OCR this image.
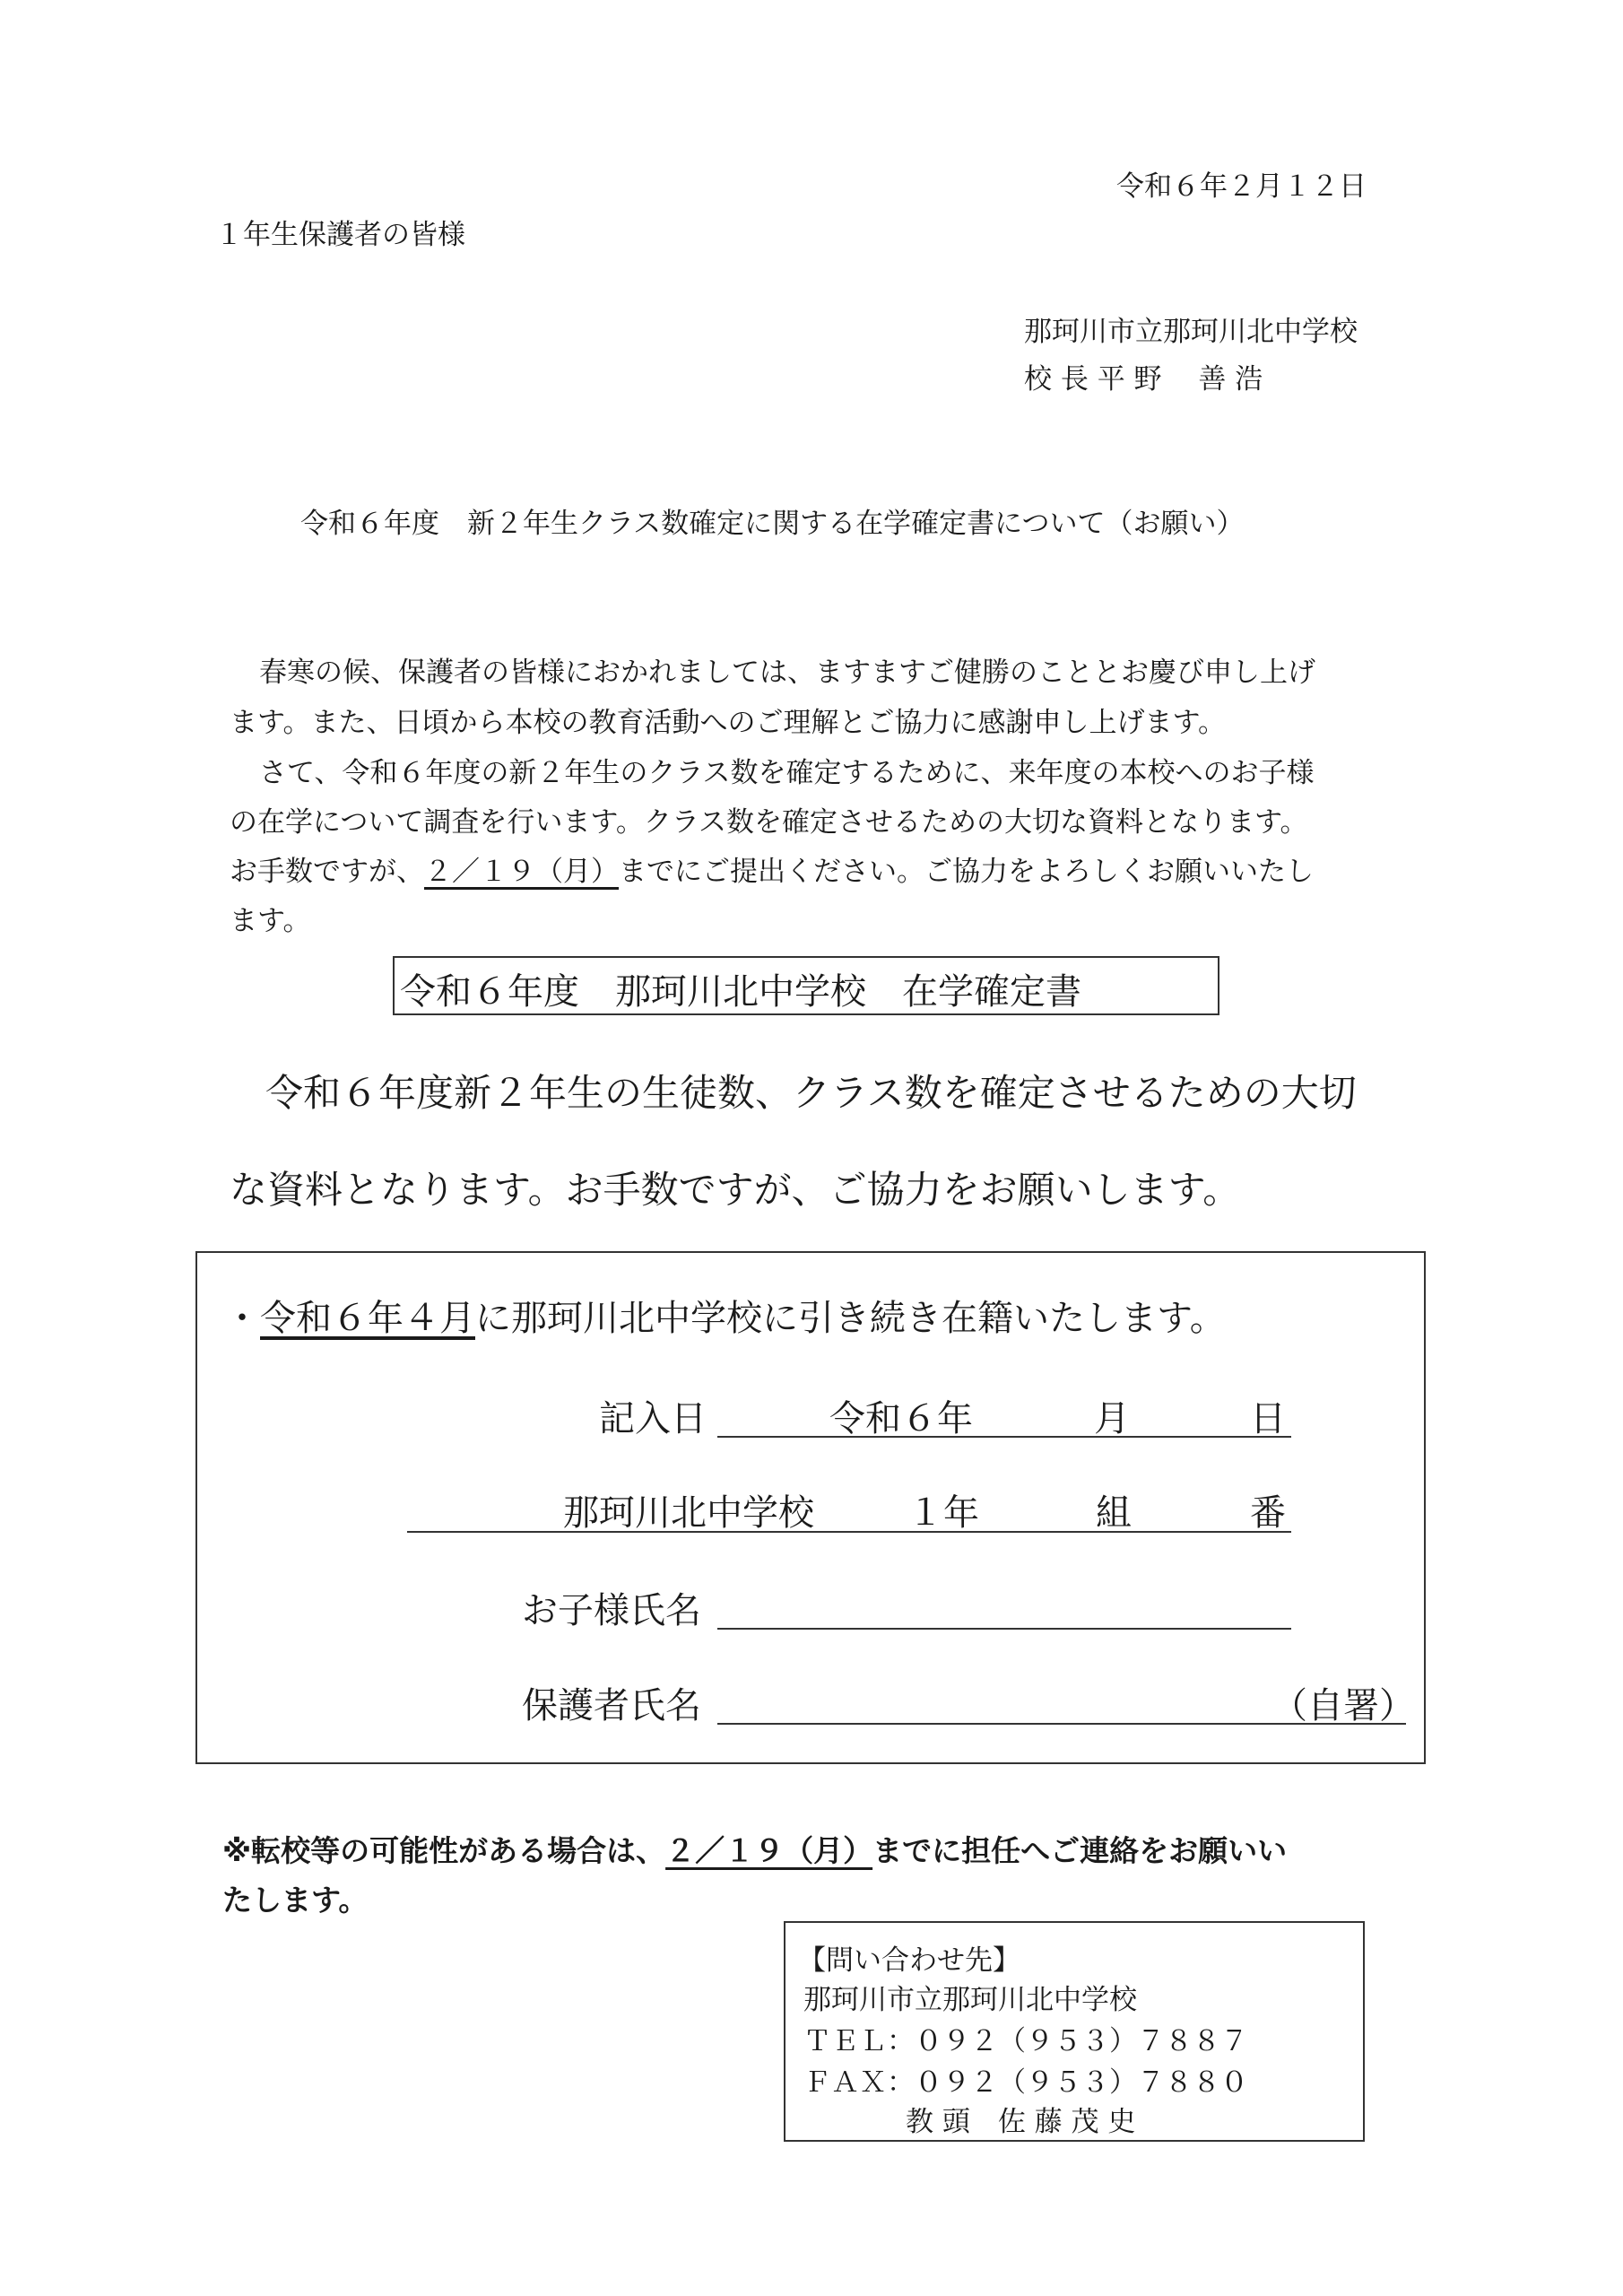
令和６年２月１２日
１年生保護者の皆様
那珂川市立那珂川北中学校
校 長 平 野　 善 浩
令和６年度　新２年生クラス数確定に関する在学確定書について（お願い）
春寒の候、保護者の皆様におかれましては、ますますご健勝のこととお慶び申し上げ
ます。また、日頃から本校の教育活動へのご理解とご協力に感謝申し上げます。
さて、令和６年度の新２年生のクラス数を確定するために、来年度の本校へのお子様
の在学について調査を行います。クラス数を確定させるための大切な資料となります。
お手数ですが、２／１９（月）までにご提出ください。ご協力をよろしくお願いいたし
ます。
令和６年度　那珂川北中学校　在学確定書
令和６年度新２年生の生徒数、クラス数を確定させるための大切
な資料となります。お手数ですが、ご協力をお願いします。
・令和６年４月に那珂川北中学校に引き続き在籍いたします。
記入日	令和６年	月	日
那珂川北中学校	１年	組	番
お子様氏名
保護者氏名	（自署）
※転校等の可能性がある場合は、２／１９（月）までに担任へご連絡をお願いい
たします。
【問い合わせ先】
那珂川市立那珂川北中学校
ＴＥＬ：０９２（９５３）７８８７
ＦＡＸ：０９２（９５３）７８８０
教 頭　佐 藤 茂 史
